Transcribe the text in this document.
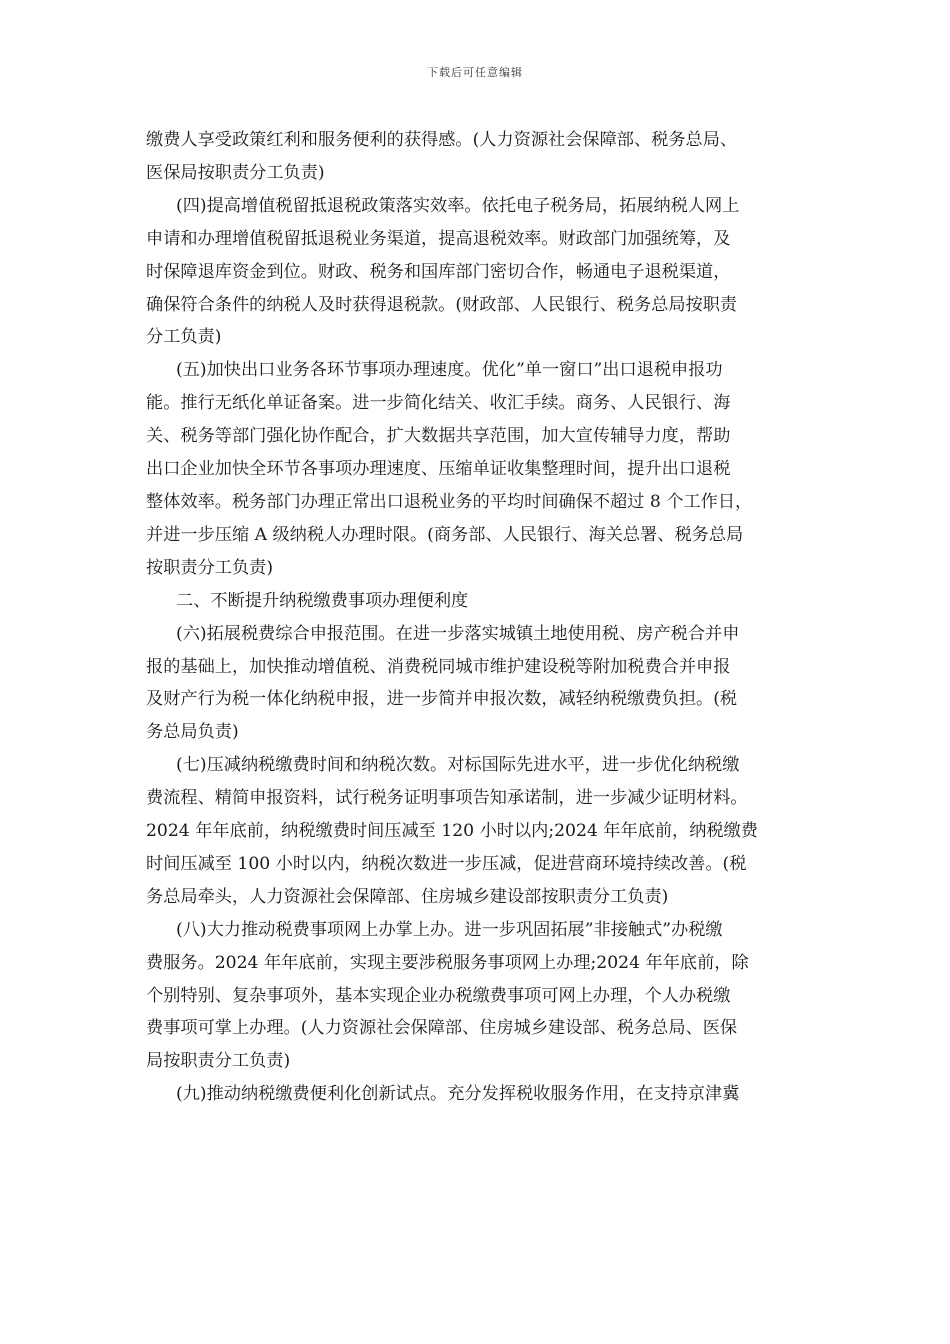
下载后可任意编辑

缴费人享受政策红利和服务便利的获得感。(人力资源社会保障部、税务总局、

医保局按职责分工负责)

(四)提高增值税留抵退税政策落实效率。依托电子税务局，拓展纳税人网上

申请和办理增值税留抵退税业务渠道，提高退税效率。财政部门加强统筹，及

时保障退库资金到位。财政、税务和国库部门密切合作，畅通电子退税渠道，

确保符合条件的纳税人及时获得退税款。(财政部、人民银行、税务总局按职责

分工负责)

(五)加快出口业务各环节事项办理速度。优化”单一窗口”出口退税申报功

能。推行无纸化单证备案。进一步简化结关、收汇手续。商务、人民银行、海

关、税务等部门强化协作配合，扩大数据共享范围，加大宣传辅导力度，帮助

出口企业加快全环节各事项办理速度、压缩单证收集整理时间，提升出口退税

整体效率。税务部门办理正常出口退税业务的平均时间确保不超过 8 个工作日，

并进一步压缩 A 级纳税人办理时限。(商务部、人民银行、海关总署、税务总局

按职责分工负责)

二、不断提升纳税缴费事项办理便利度

(六)拓展税费综合申报范围。在进一步落实城镇土地使用税、房产税合并申

报的基础上，加快推动增值税、消费税同城市维护建设税等附加税费合并申报

及财产行为税一体化纳税申报，进一步简并申报次数，减轻纳税缴费负担。(税

务总局负责)

(七)压减纳税缴费时间和纳税次数。对标国际先进水平，进一步优化纳税缴

费流程、精简申报资料，试行税务证明事项告知承诺制，进一步减少证明材料。

2024 年年底前，纳税缴费时间压减至 120 小时以内;2024 年年底前，纳税缴费

时间压减至 100 小时以内，纳税次数进一步压减，促进营商环境持续改善。(税

务总局牵头，人力资源社会保障部、住房城乡建设部按职责分工负责)

(八)大力推动税费事项网上办掌上办。进一步巩固拓展”非接触式”办税缴

费服务。2024 年年底前，实现主要涉税服务事项网上办理;2024 年年底前，除

个别特别、复杂事项外，基本实现企业办税缴费事项可网上办理，个人办税缴

费事项可掌上办理。(人力资源社会保障部、住房城乡建设部、税务总局、医保

局按职责分工负责)

(九)推动纳税缴费便利化创新试点。充分发挥税收服务作用，在支持京津冀
